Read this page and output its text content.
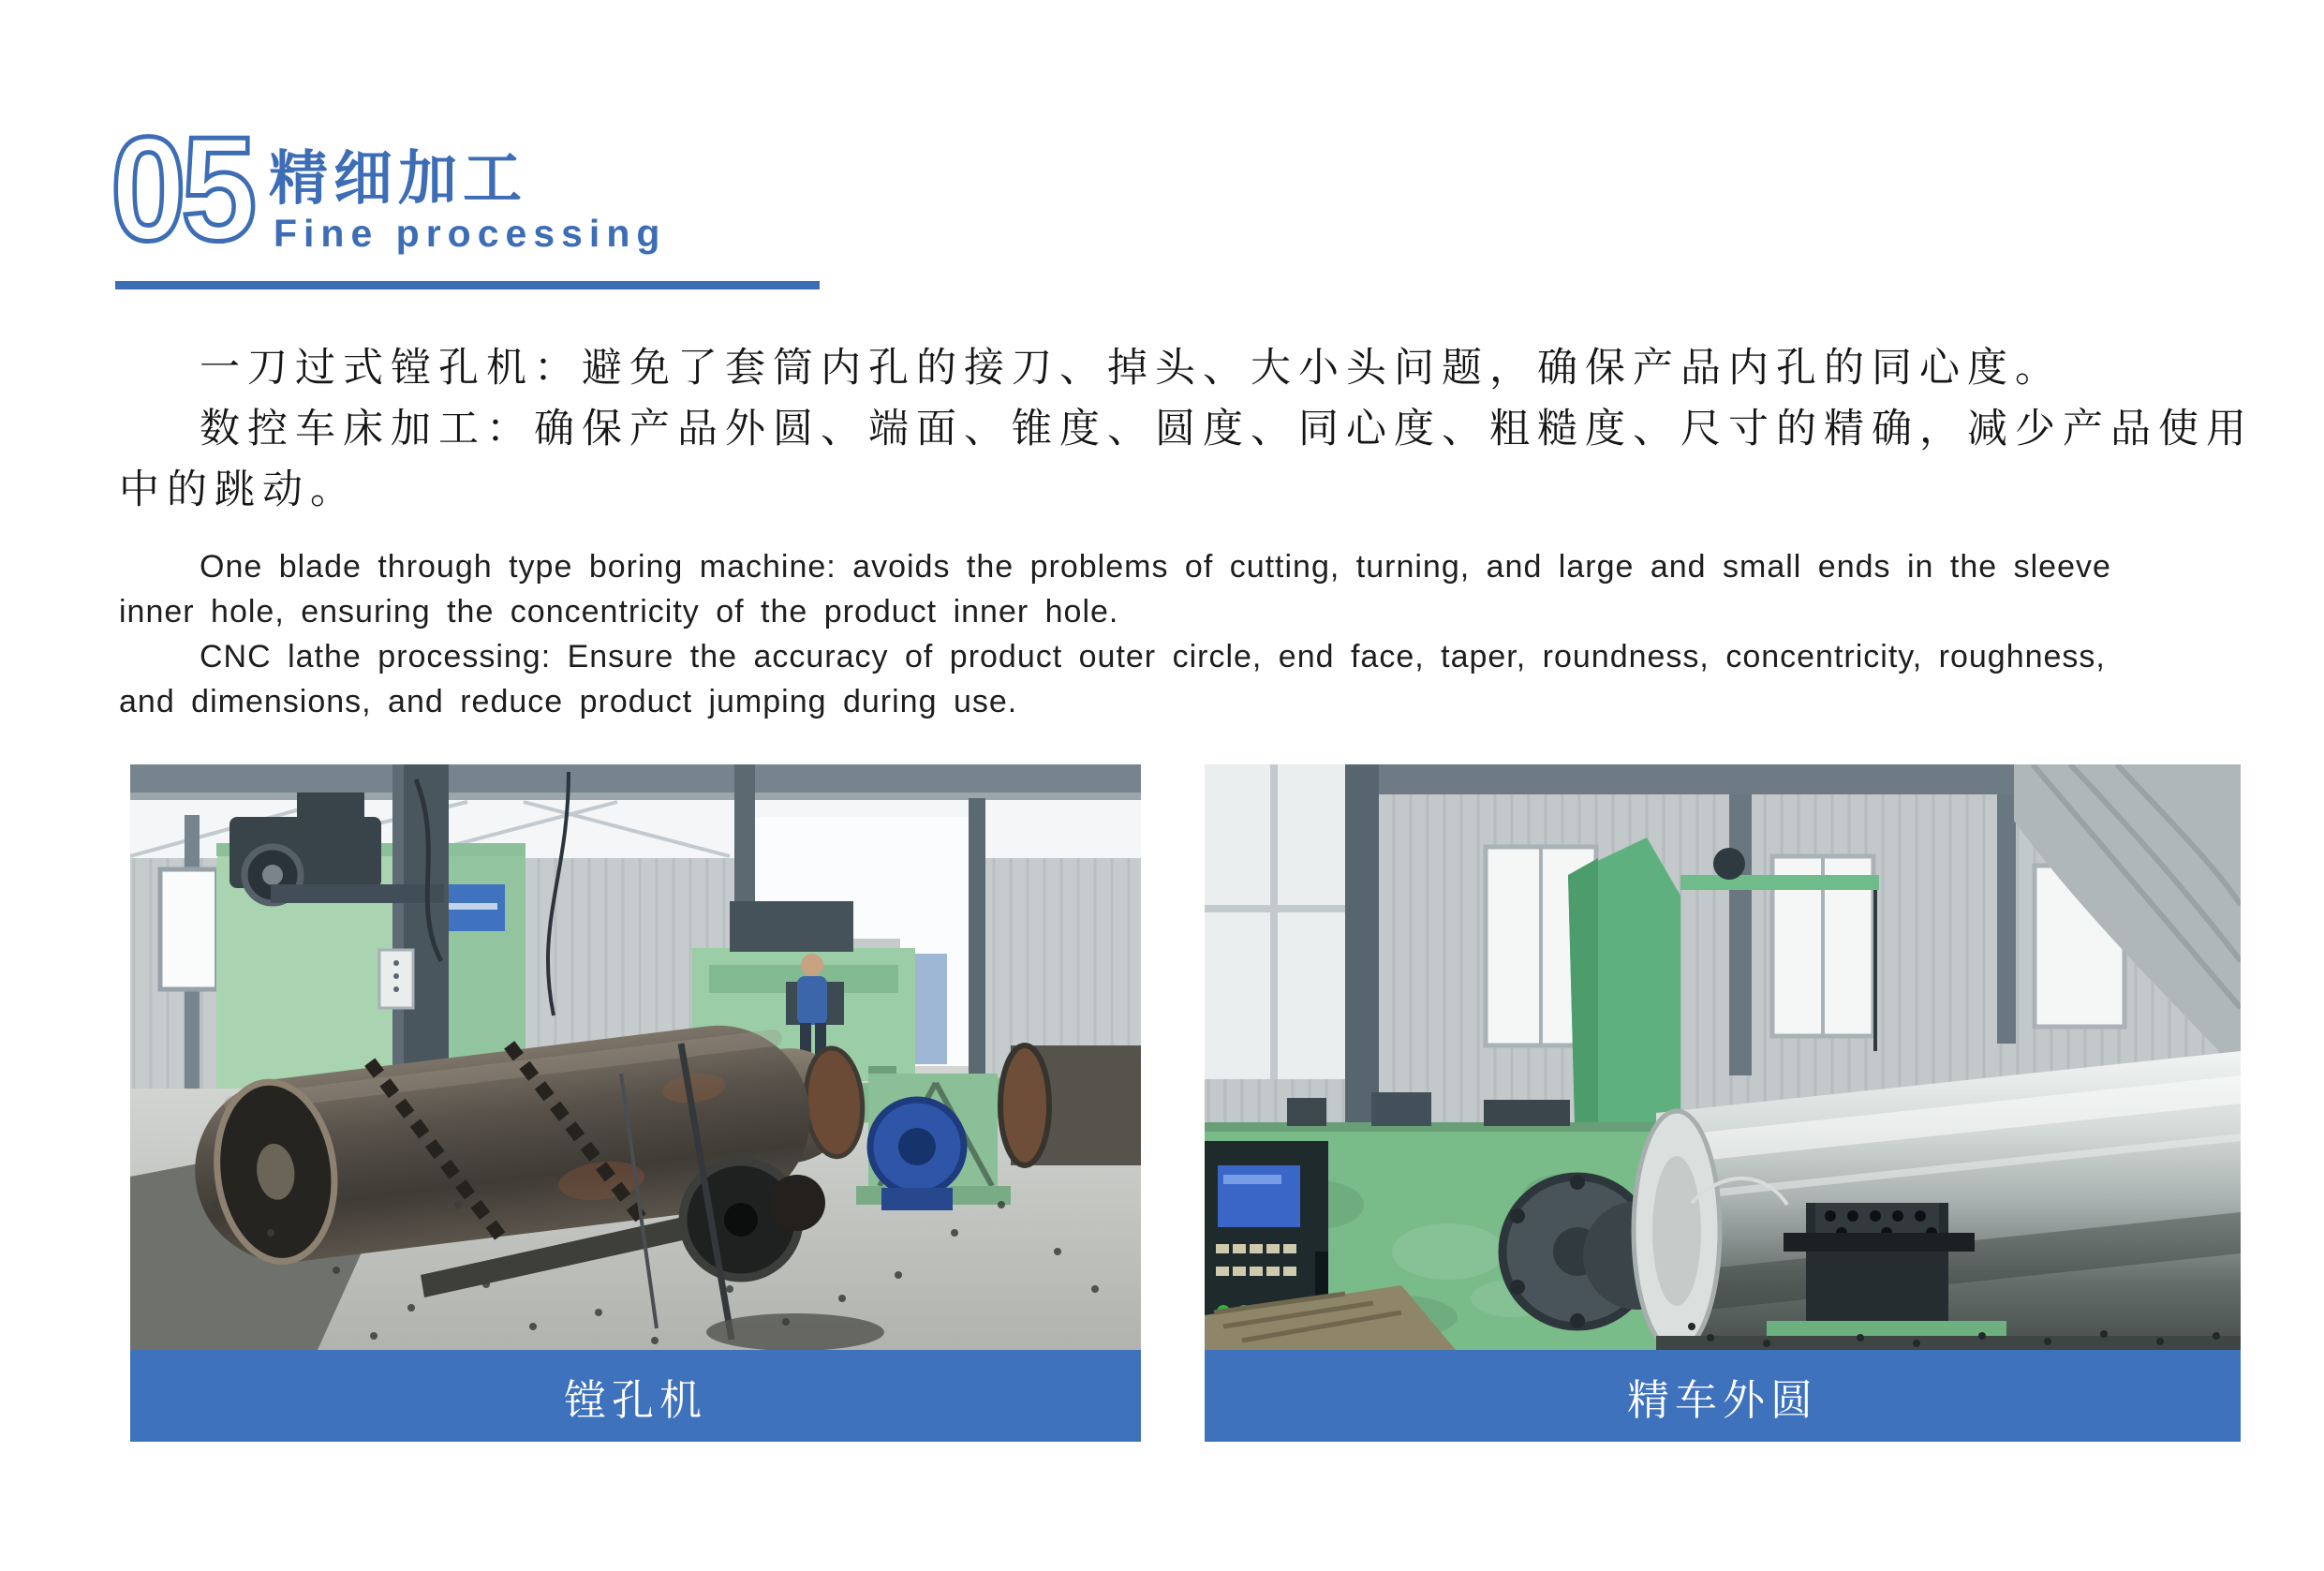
05 精细加工
Fine processing
一刀过式镗孔机：避免了套筒内孔的接刀、掉头、大小头问题，确保产品内孔的同心度。
数控车床加工：确保产品外圆、端面、锥度、圆度、同心度、粗糙度、尺寸的精确，减少产品使用
中的跳动。
One blade through type boring machine: avoids the problems of cutting, turning, and large and small ends in the sleeve
inner hole, ensuring the concentricity of the product inner hole.
CNC lathe processing: Ensure the accuracy of product outer circle, end face, taper, roundness, concentricity, roughness,
and dimensions, and reduce product jumping during use.
镗孔机	精车外圆
